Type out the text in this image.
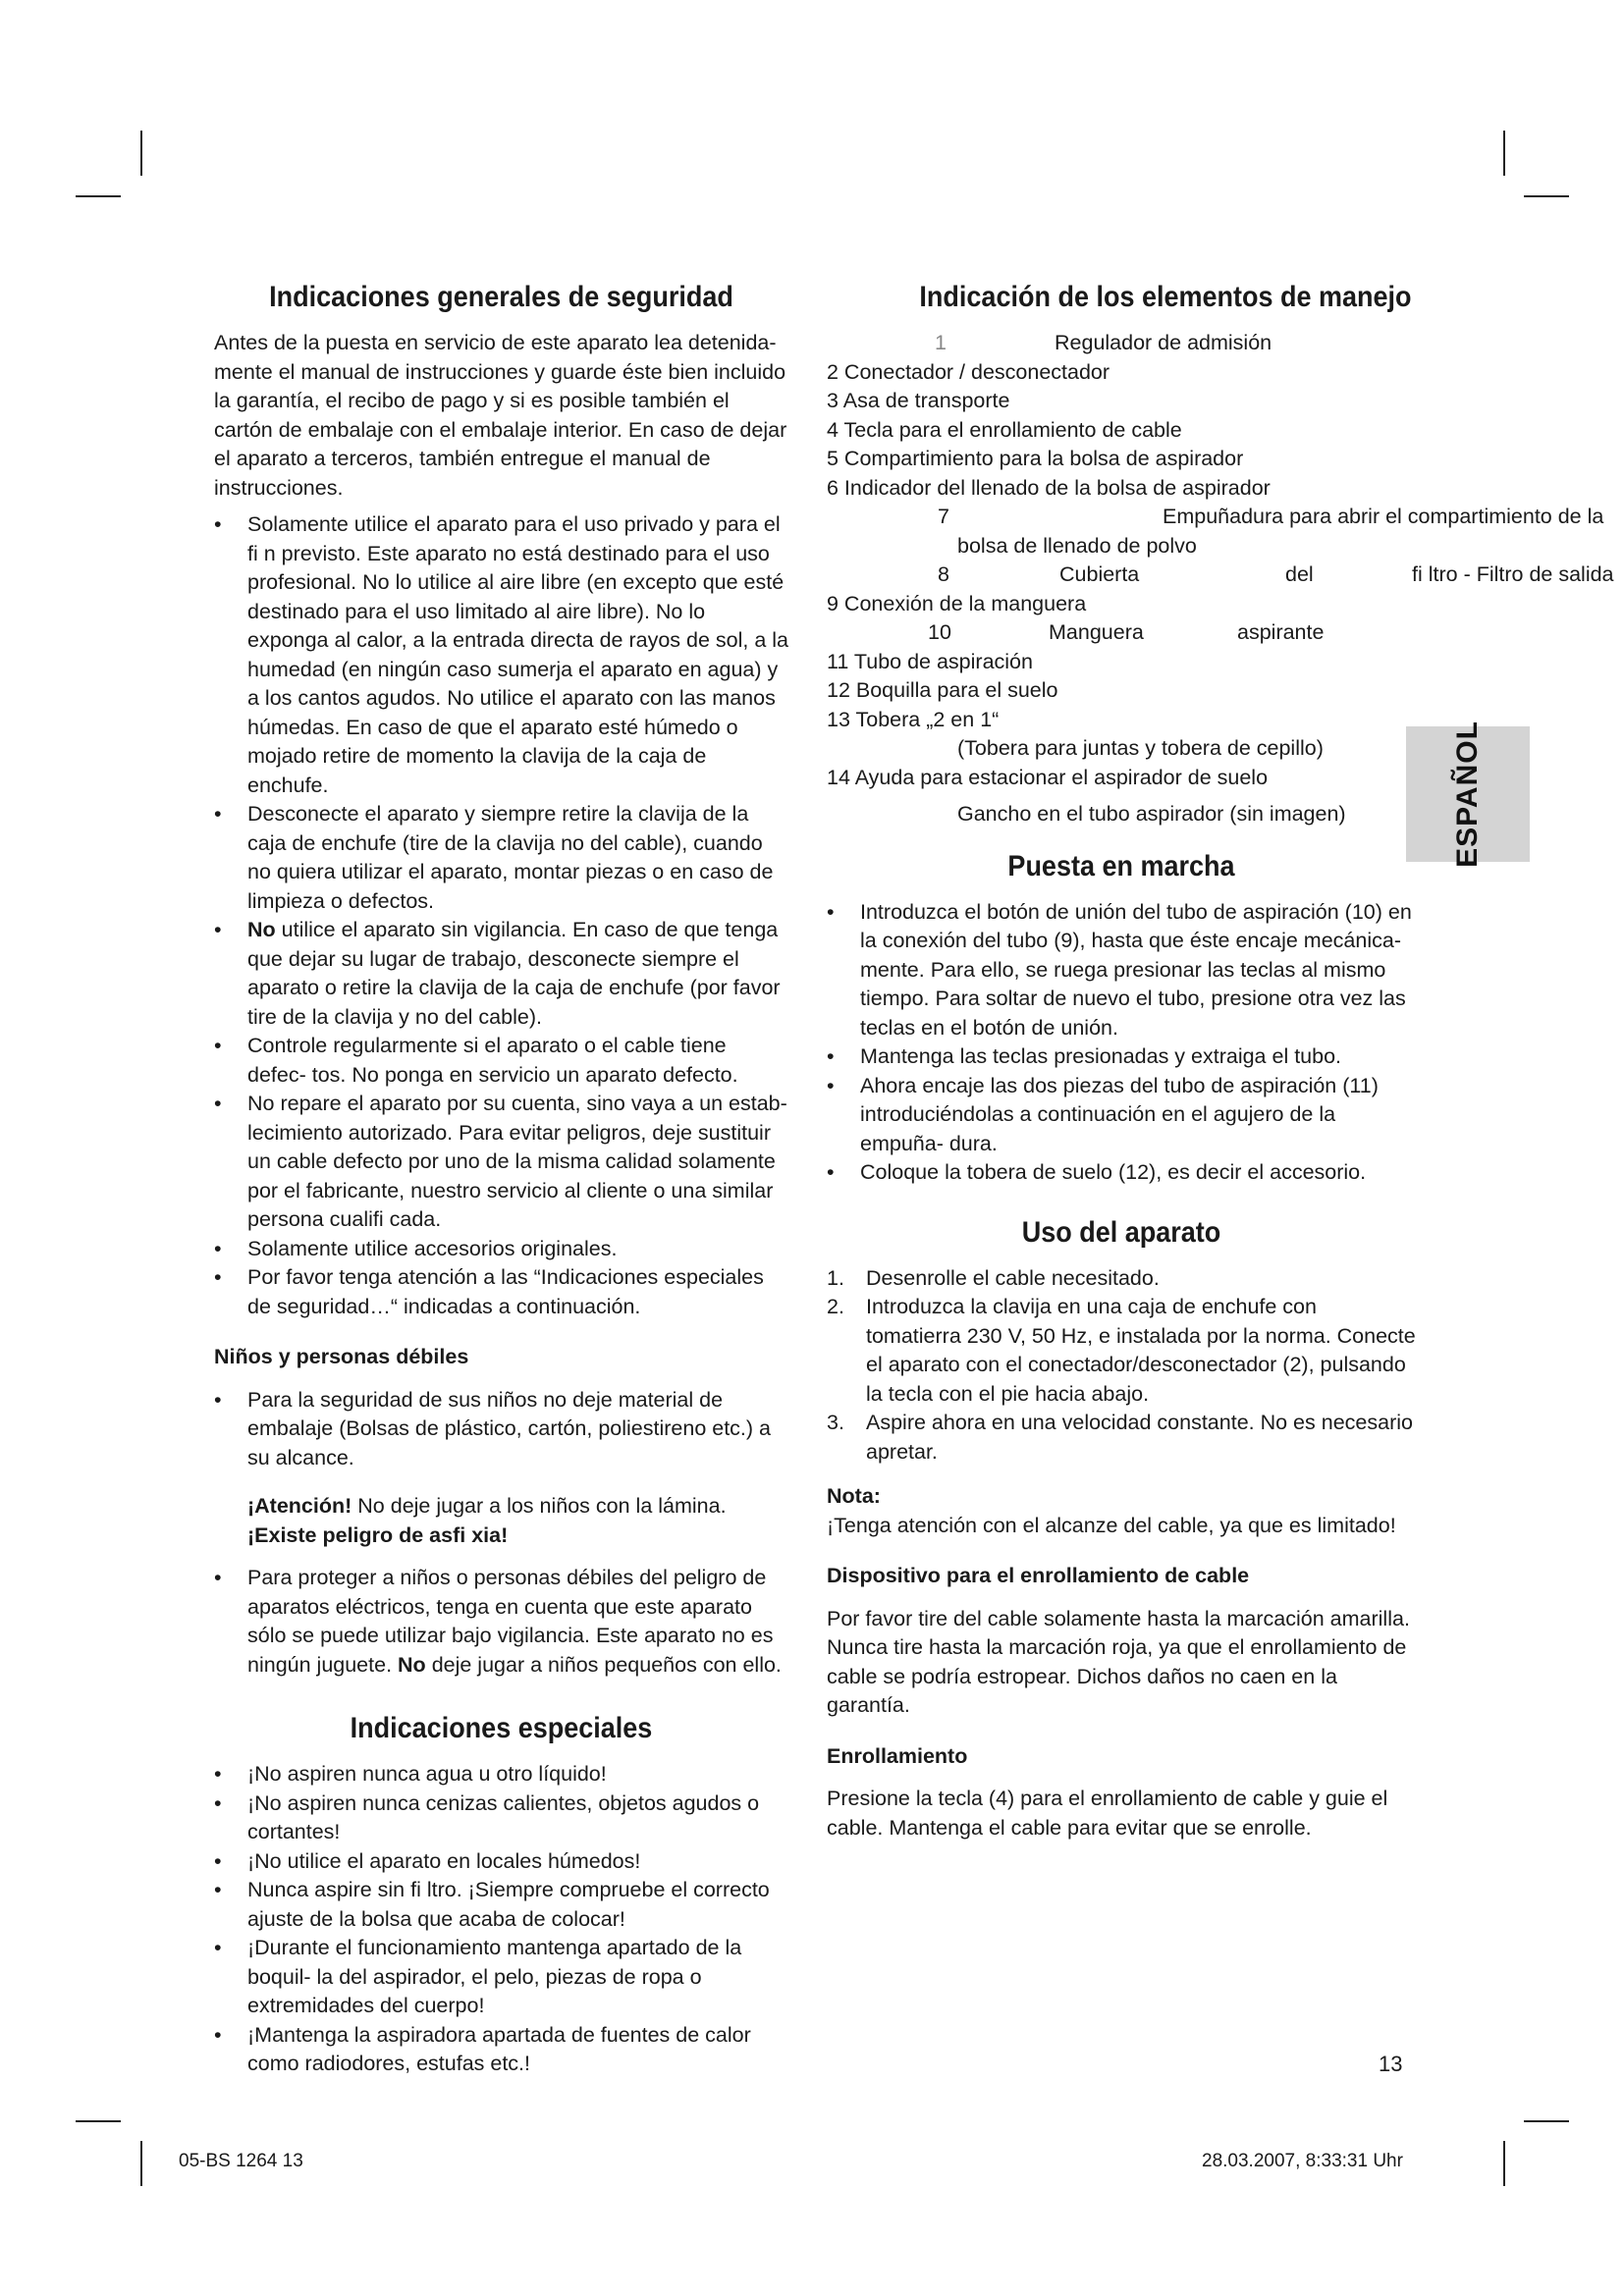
Indicaciones generales de seguridad

Antes de la puesta en servicio de este aparato lea detenida- mente el manual de instrucciones y guarde éste bien incluido la garantía, el recibo de pago y si es posible también el cartón de embalaje con el embalaje interior. En caso de dejar el aparato a terceros, también entregue el manual de instrucciones.

• Solamente utilice el aparato para el uso privado y para el fi n previsto. Este aparato no está destinado para el uso profesional. No lo utilice al aire libre (en excepto que esté destinado para el uso limitado al aire libre). No lo exponga al calor, a la entrada directa de rayos de sol, a la humedad (en ningún caso sumerja el aparato en agua) y a los cantos agudos. No utilice el aparato con las manos húmedas. En caso de que el aparato esté húmedo o mojado retire de momento la clavija de la caja de enchufe.
• Desconecte el aparato y siempre retire la clavija de la caja de enchufe (tire de la clavija no del cable), cuando no quiera utilizar el aparato, montar piezas o en caso de limpieza o defectos.
• No utilice el aparato sin vigilancia. En caso de que tenga que dejar su lugar de trabajo, desconecte siempre el aparato o retire la clavija de la caja de enchufe (por favor tire de la clavija y no del cable).
• Controle regularmente si el aparato o el cable tiene defec- tos. No ponga en servicio un aparato defecto.
• No repare el aparato por su cuenta, sino vaya a un estab- lecimiento autorizado. Para evitar peligros, deje sustituir un cable defecto por uno de la misma calidad solamente por el fabricante, nuestro servicio al cliente o una similar persona cualifi cada.
• Solamente utilice accesorios originales.
• Por favor tenga atención a las “Indicaciones especiales de seguridad…“ indicadas a continuación.
Niños y personas débiles
• Para la seguridad de sus niños no deje material de embalaje (Bolsas de plástico, cartón, poliestireno etc.) a su alcance.
¡Atención! No deje jugar a los niños con la lámina. ¡Existe peligro de asfi xia!
• Para proteger a niños o personas débiles del peligro de aparatos eléctricos, tenga en cuenta que este aparato sólo se puede utilizar bajo vigilancia. Este aparato no es ningún juguete. No deje jugar a niños pequeños con ello.
Indicaciones especiales
• ¡No aspiren nunca agua u otro líquido!
• ¡No aspiren nunca cenizas calientes, objetos agudos o cortantes!
• ¡No utilice el aparato en locales húmedos!
• Nunca aspire sin fi ltro. ¡Siempre compruebe el correcto ajuste de la bolsa que acaba de colocar!
• ¡Durante el funcionamiento mantenga apartado de la boquil- la del aspirador, el pelo, piezas de ropa o extremidades del cuerpo!
• ¡Mantenga la aspiradora apartada de fuentes de calor como radiodores, estufas etc.!
Indicación de los elementos de manejo
1	Regulador de admisión
2 Conectador / desconectador
3 Asa de transporte
4 Tecla para el enrollamiento de cable
5 Compartimiento para la bolsa de aspirador
6 Indicador del llenado de la bolsa de aspirador
7	Empuñadura para abrir el compartimiento de la
bolsa de llenado de polvo
8	Cubierta	del	fi ltro - Filtro de salida
9 Conexión de la manguera
10	Manguera	aspirante
11 Tubo de aspiración
12 Boquilla para el suelo
13 Tobera „2 en 1“
(Tobera para juntas y tobera de cepillo)
14 Ayuda para estacionar el aspirador de suelo
Gancho en el tubo aspirador (sin imagen)
Puesta en marcha
• Introduzca el botón de unión del tubo de aspiración (10) en la conexión del tubo (9), hasta que éste encaje mecánica- mente. Para ello, se ruega presionar las teclas al mismo tiempo. Para soltar de nuevo el tubo, presione otra vez las teclas en el botón de unión.
• Mantenga las teclas presionadas y extraiga el tubo.
• Ahora encaje las dos piezas del tubo de aspiración (11) introduciéndolas a continuación en el agujero de la empuña- dura.
• Coloque la tobera de suelo (12), es decir el accesorio.
Uso del aparato
1. Desenrolle el cable necesitado.
2. Introduzca la clavija en una caja de enchufe con tomatierra 230 V, 50 Hz, e instalada por la norma. Conecte el aparato con el conectador/desconectador (2), pulsando la tecla con el pie hacia abajo.
3. Aspire ahora en una velocidad constante. No es necesario apretar.
Nota:

¡Tenga atención con el alcanze del cable, ya que es limitado!

Dispositivo para el enrollamiento de cable

Por favor tire del cable solamente hasta la marcación amarilla. Nunca tire hasta la marcación roja, ya que el enrollamiento de cable se podría estropear. Dichos daños no caen en la garantía.

Enrollamiento

Presione la tecla (4) para el enrollamiento de cable y guie el cable. Mantenga el cable para evitar que se enrolle.

ESPAÑOL
13
05-BS 1264 13	28.03.2007, 8:33:31 Uhr
